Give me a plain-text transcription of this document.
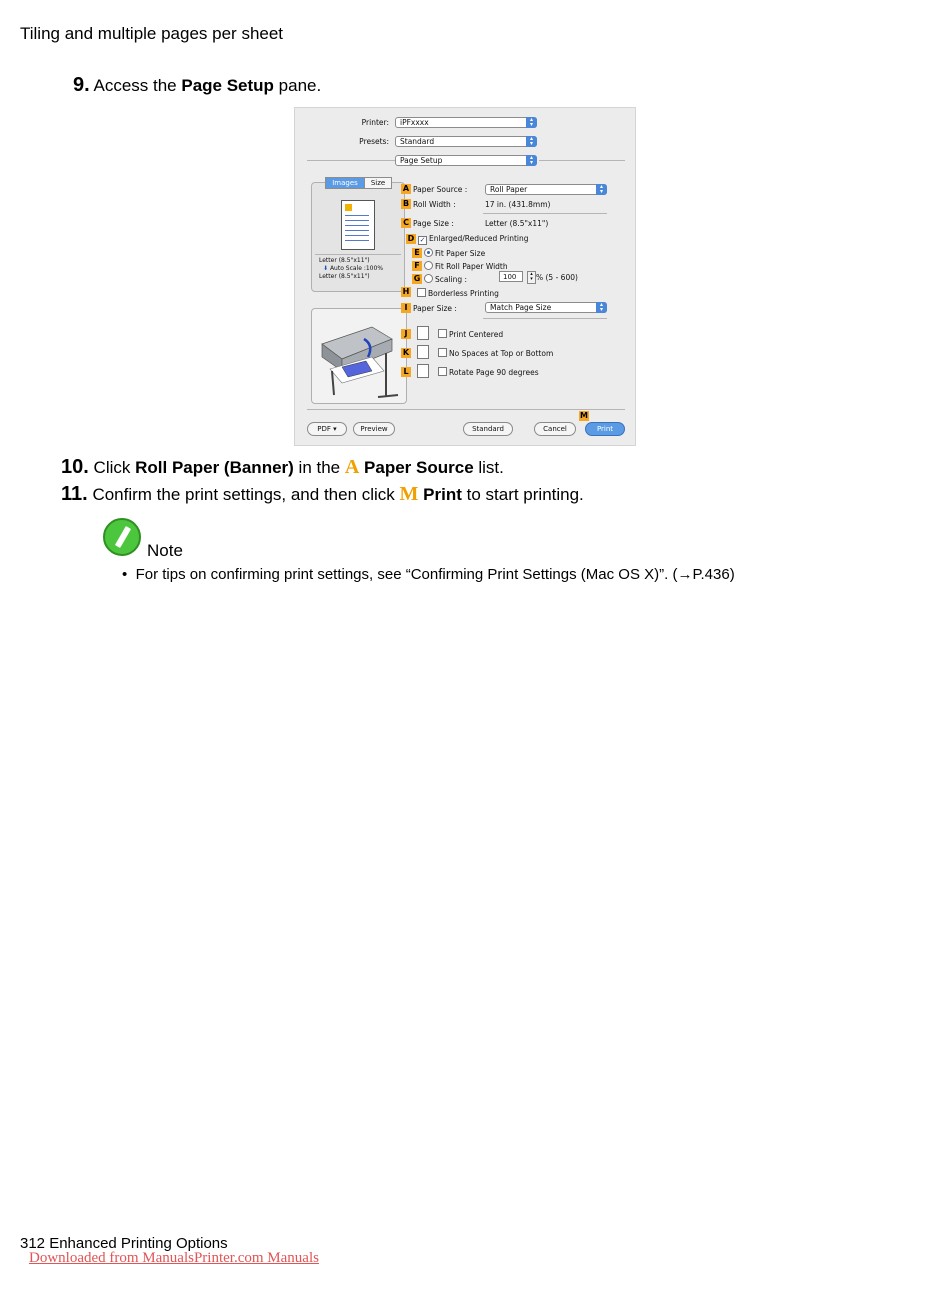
Tiling and multiple pages per sheet
9. Access the Page Setup pane.
Printer:	iPFxxxx	▴
▾
Presets:	Standard	▴
▾
Page Setup	▴
▾
Images	Size
Letter (8.5"x11")
⬇ Auto Scale :100%
Letter (8.5"x11")
A Paper Source :	Roll Paper	▴
▾
B Roll Width :	17 in. (431.8mm)
C Page Size :	Letter (8.5"x11")
D ✓ Enlarged/Reduced Printing
E	Fit Paper Size
F	Fit Roll Paper Width
G	Scaling :	100	▴
▾ % (5 - 600)
H	Borderless Printing
I Paper Size :	Match Page Size	▴
▾
J	Print Centered
K	No Spaces at Top or Bottom
L	Rotate Page 90 degrees
M
PDF ▾	Preview	Standard	Cancel	Print
10. Click Roll Paper (Banner) in the A Paper Source list.
11. Confirm the print settings, and then click M Print to start printing.
Note
•  For tips on confirming print settings, see “Confirming Print Settings (Mac OS X)”. (→P.436)
312 Enhanced Printing Options
Downloaded from ManualsPrinter.com Manuals
